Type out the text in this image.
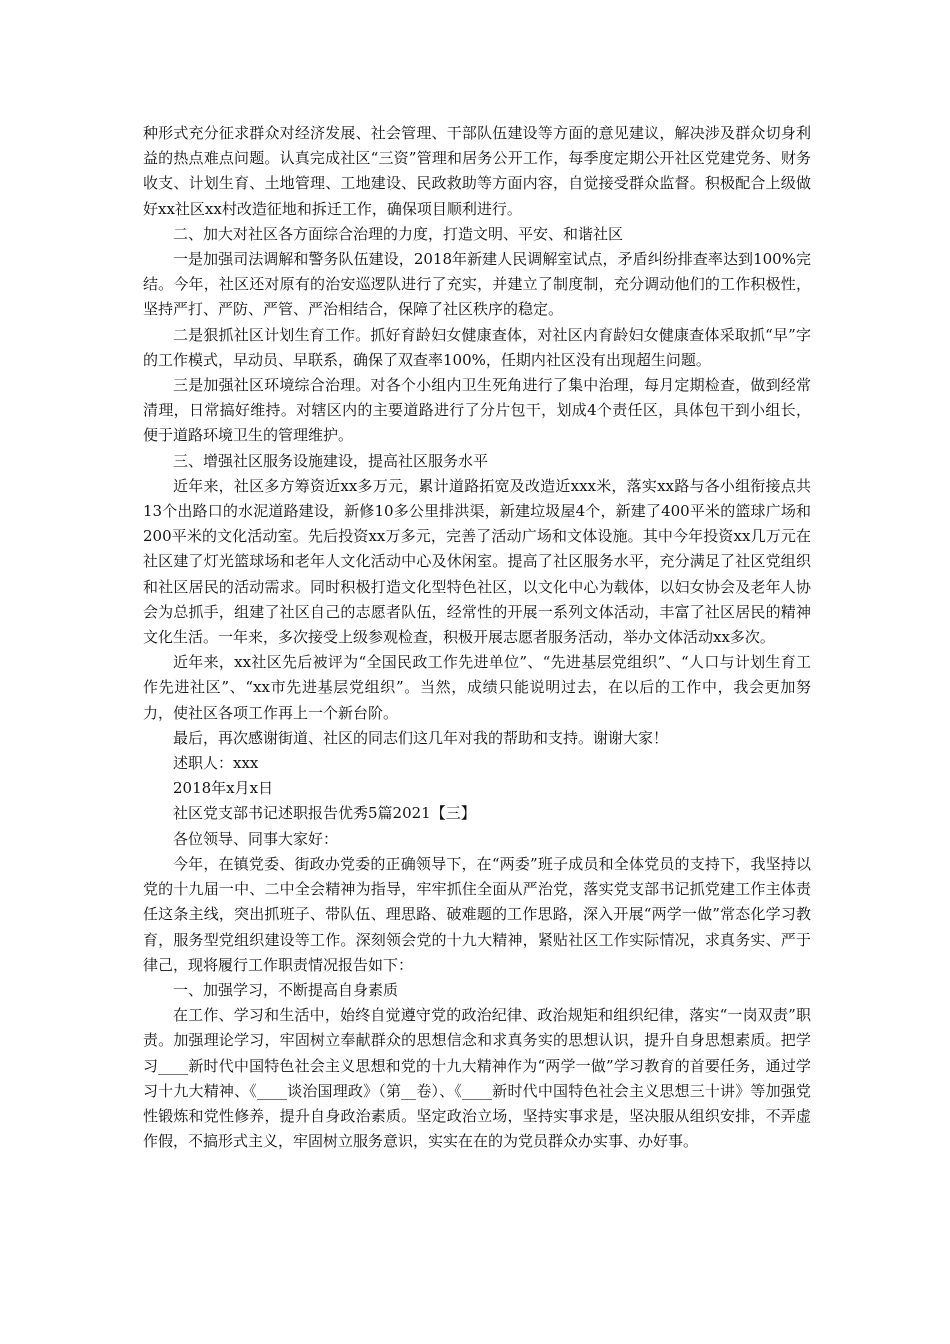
种形式充分征求群众对经济发展、社会管理、干部队伍建设等方面的意见建议，解决涉及群众切身利益的热点难点问题。认真完成社区“三资”管理和居务公开工作，每季度定期公开社区党建党务、财务收支、计划生育、土地管理、工地建设、民政救助等方面内容，自觉接受群众监督。积极配合上级做好xx社区xx村改造征地和拆迁工作，确保项目顺利进行。

二、加大对社区各方面综合治理的力度，打造文明、平安、和谐社区

一是加强司法调解和警务队伍建设，2018年新建人民调解室试点，矛盾纠纷排查率达到100%完结。今年，社区还对原有的治安巡逻队进行了充实，并建立了制度制，充分调动他们的工作积极性，坚持严打、严防、严管、严治相结合，保障了社区秩序的稳定。

二是狠抓社区计划生育工作。抓好育龄妇女健康查体，对社区内育龄妇女健康查体采取抓“早”字的工作模式，早动员、早联系，确保了双查率100%，任期内社区没有出现超生问题。

三是加强社区环境综合治理。对各个小组内卫生死角进行了集中治理，每月定期检查，做到经常清理，日常搞好维持。对辖区内的主要道路进行了分片包干，划成4个责任区，具体包干到小组长，便于道路环境卫生的管理维护。

三、增强社区服务设施建设，提高社区服务水平

近年来，社区多方筹资近xx多万元，累计道路拓宽及改造近xxx米，落实xx路与各小组衔接点共13个出路口的水泥道路建设，新修10多公里排洪渠，新建垃圾屋4个，新建了400平米的篮球广场和200平米的文化活动室。先后投资xx万多元，完善了活动广场和文体设施。其中今年投资xx几万元在社区建了灯光篮球场和老年人文化活动中心及休闲室。提高了社区服务水平，充分满足了社区党组织和社区居民的活动需求。同时积极打造文化型特色社区，以文化中心为载体，以妇女协会及老年人协会为总抓手，组建了社区自己的志愿者队伍，经常性的开展一系列文体活动，丰富了社区居民的精神文化生活。一年来，多次接受上级参观检查，积极开展志愿者服务活动，举办文体活动xx多次。

近年来，xx社区先后被评为“全国民政工作先进单位”、“先进基层党组织”、“人口与计划生育工作先进社区”、“xx市先进基层党组织”。当然，成绩只能说明过去，在以后的工作中，我会更加努力，使社区各项工作再上一个新台阶。

最后，再次感谢街道、社区的同志们这几年对我的帮助和支持。谢谢大家！

述职人：xxx

2018年x月x日

社区党支部书记述职报告优秀5篇2021【三】

各位领导、同事大家好：

今年，在镇党委、街政办党委的正确领导下，在“两委”班子成员和全体党员的支持下，我坚持以党的十九届一中、二中全会精神为指导，牢牢抓住全面从严治党，落实党支部书记抓党建工作主体责任这条主线，突出抓班子、带队伍、理思路、破难题的工作思路，深入开展“两学一做”常态化学习教育，服务型党组织建设等工作。深刻领会党的十九大精神，紧贴社区工作实际情况，求真务实、严于律己，现将履行工作职责情况报告如下：

一、加强学习，不断提高自身素质

在工作、学习和生活中，始终自觉遵守党的政治纪律、政治规矩和组织纪律，落实“一岗双责”职责。加强理论学习，牢固树立奉献群众的思想信念和求真务实的思想认识，提升自身思想素质。把学习____新时代中国特色社会主义思想和党的十九大精神作为“两学一做”学习教育的首要任务，通过学习十九大精神、《____谈治国理政》（第__卷）、《____新时代中国特色社会主义思想三十讲》等加强党性锻炼和党性修养，提升自身政治素质。坚定政治立场，坚持实事求是，坚决服从组织安排，不弄虚作假，不搞形式主义，牢固树立服务意识，实实在在的为党员群众办实事、办好事。
